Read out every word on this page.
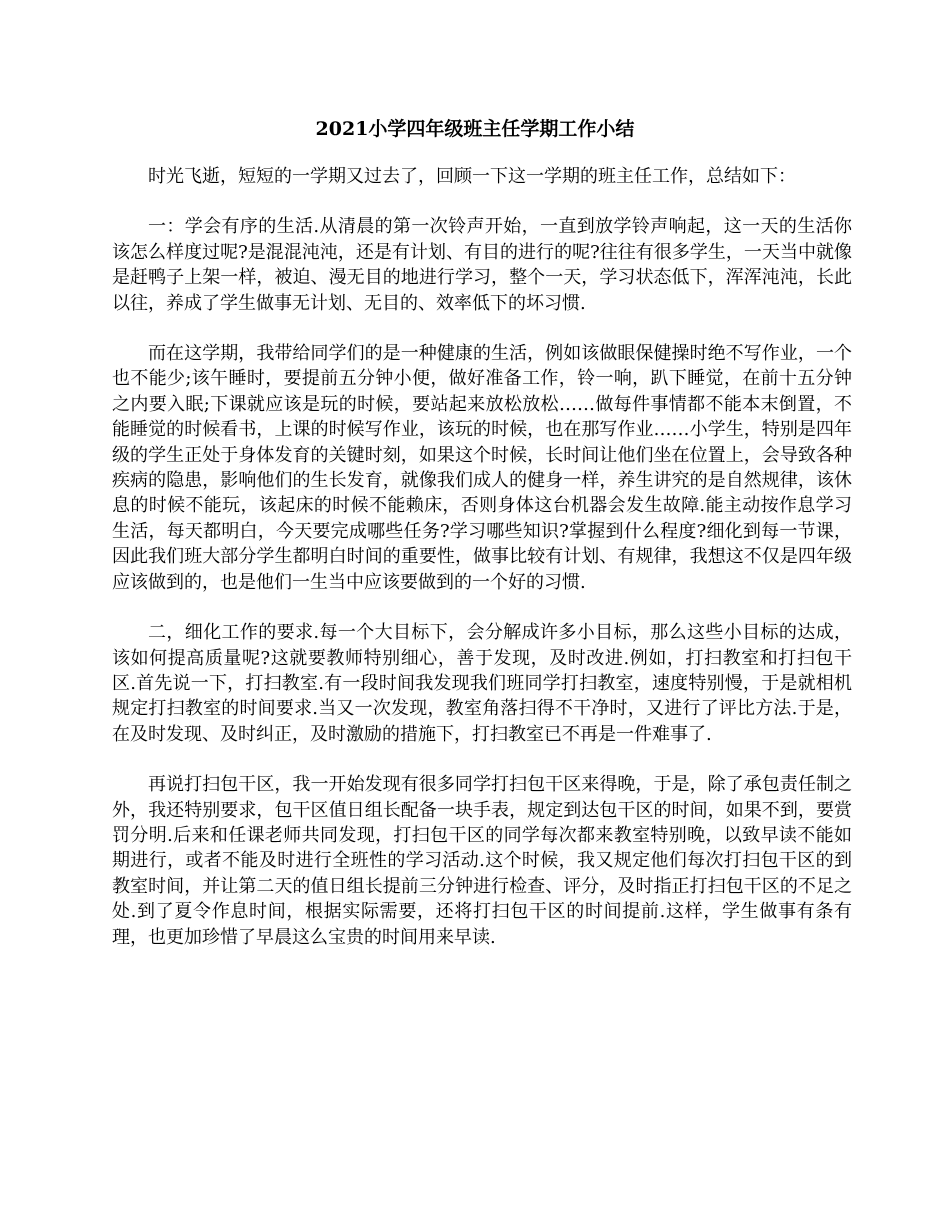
2021小学四年级班主任学期工作小结

时光飞逝，短短的一学期又过去了，回顾一下这一学期的班主任工作，总结如下：

一：学会有序的生活.从清晨的第一次铃声开始，一直到放学铃声响起，这一天的生活你该怎么样度过呢?是混混沌沌，还是有计划、有目的进行的呢?往往有很多学生，一天当中就像是赶鸭子上架一样，被迫、漫无目的地进行学习，整个一天，学习状态低下，浑浑沌沌，长此以往，养成了学生做事无计划、无目的、效率低下的坏习惯.

而在这学期，我带给同学们的是一种健康的生活，例如该做眼保健操时绝不写作业，一个也不能少;该午睡时，要提前五分钟小便，做好准备工作，铃一响，趴下睡觉，在前十五分钟之内要入眠;下课就应该是玩的时候，要站起来放松放松……做每件事情都不能本末倒置，不能睡觉的时候看书，上课的时候写作业，该玩的时候，也在那写作业……小学生，特别是四年级的学生正处于身体发育的关键时刻，如果这个时候，长时间让他们坐在位置上，会导致各种疾病的隐患，影响他们的生长发育，就像我们成人的健身一样，养生讲究的是自然规律，该休息的时候不能玩，该起床的时候不能赖床，否则身体这台机器会发生故障.能主动按作息学习生活，每天都明白，今天要完成哪些任务?学习哪些知识?掌握到什么程度?细化到每一节课，因此我们班大部分学生都明白时间的重要性，做事比较有计划、有规律，我想这不仅是四年级应该做到的，也是他们一生当中应该要做到的一个好的习惯.

二，细化工作的要求.每一个大目标下，会分解成许多小目标，那么这些小目标的达成，该如何提高质量呢?这就要教师特别细心，善于发现，及时改进.例如，打扫教室和打扫包干区.首先说一下，打扫教室.有一段时间我发现我们班同学打扫教室，速度特别慢，于是就相机规定打扫教室的时间要求.当又一次发现，教室角落扫得不干净时，又进行了评比方法.于是，在及时发现、及时纠正，及时激励的措施下，打扫教室已不再是一件难事了.

再说打扫包干区，我一开始发现有很多同学打扫包干区来得晚，于是，除了承包责任制之外，我还特别要求，包干区值日组长配备一块手表，规定到达包干区的时间，如果不到，要赏罚分明.后来和任课老师共同发现，打扫包干区的同学每次都来教室特别晚，以致早读不能如期进行，或者不能及时进行全班性的学习活动.这个时候，我又规定他们每次打扫包干区的到教室时间，并让第二天的值日组长提前三分钟进行检查、评分，及时指正打扫包干区的不足之处.到了夏令作息时间，根据实际需要，还将打扫包干区的时间提前.这样，学生做事有条有理，也更加珍惜了早晨这么宝贵的时间用来早读.
